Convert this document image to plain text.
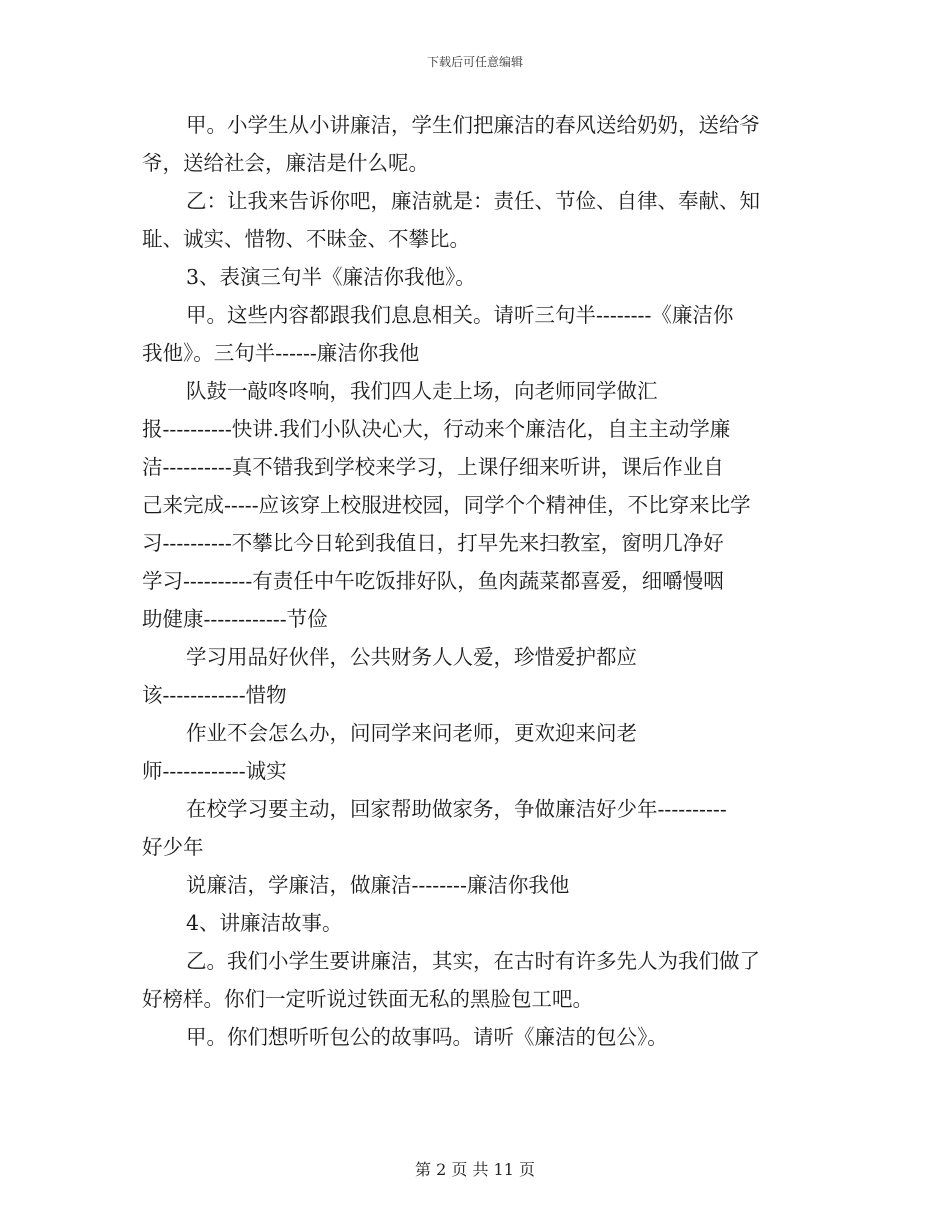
下载后可任意编辑
甲。小学生从小讲廉洁，学生们把廉洁的春风送给奶奶，送给爷
爷，送给社会，廉洁是什么呢。
乙：让我来告诉你吧，廉洁就是：责任、节俭、自律、奉献、知
耻、诚实、惜物、不昧金、不攀比。
3、表演三句半《廉洁你我他》。
甲。这些内容都跟我们息息相关。请听三句半--------《廉洁你
我他》。三句半------廉洁你我他
队鼓一敲咚咚响，我们四人走上场，向老师同学做汇
报----------快讲.我们小队决心大，行动来个廉洁化，自主主动学廉
洁----------真不错我到学校来学习，上课仔细来听讲，课后作业自
己来完成-----应该穿上校服进校园，同学个个精神佳，不比穿来比学
习----------不攀比今日轮到我值日，打早先来扫教室，窗明几净好
学习----------有责任中午吃饭排好队，鱼肉蔬菜都喜爱，细嚼慢咽
助健康------------节俭
学习用品好伙伴，公共财务人人爱，珍惜爱护都应
该------------惜物
作业不会怎么办，问同学来问老师，更欢迎来问老
师------------诚实
在校学习要主动，回家帮助做家务，争做廉洁好少年----------
好少年
说廉洁，学廉洁，做廉洁--------廉洁你我他
4、讲廉洁故事。
乙。我们小学生要讲廉洁，其实，在古时有许多先人为我们做了
好榜样。你们一定听说过铁面无私的黑脸包工吧。
甲。你们想听听包公的故事吗。请听《廉洁的包公》。
第 2 页 共 11 页
